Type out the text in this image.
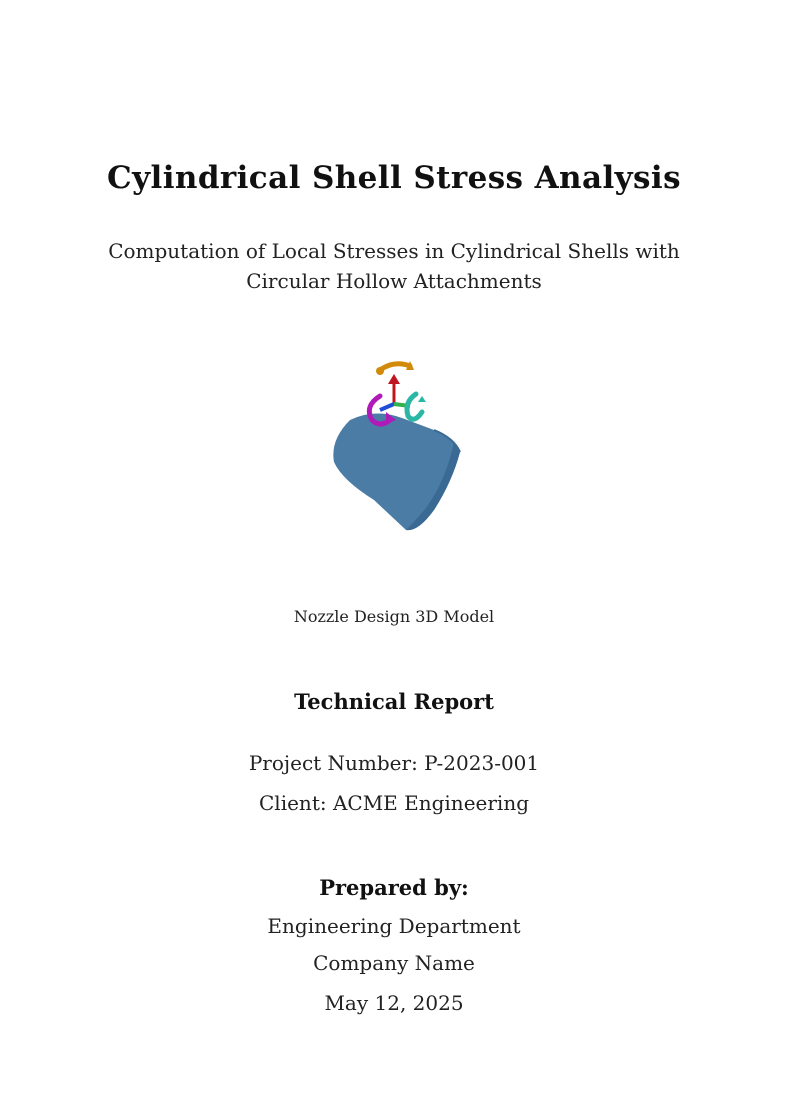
Cylindrical Shell Stress Analysis
Computation of Local Stresses in Cylindrical Shells with Circular Hollow Attachments
Nozzle Design 3D Model
Technical Report
Project Number: P-2023-001
Client: ACME Engineering
Prepared by:
Engineering Department
Company Name
May 12, 2025
